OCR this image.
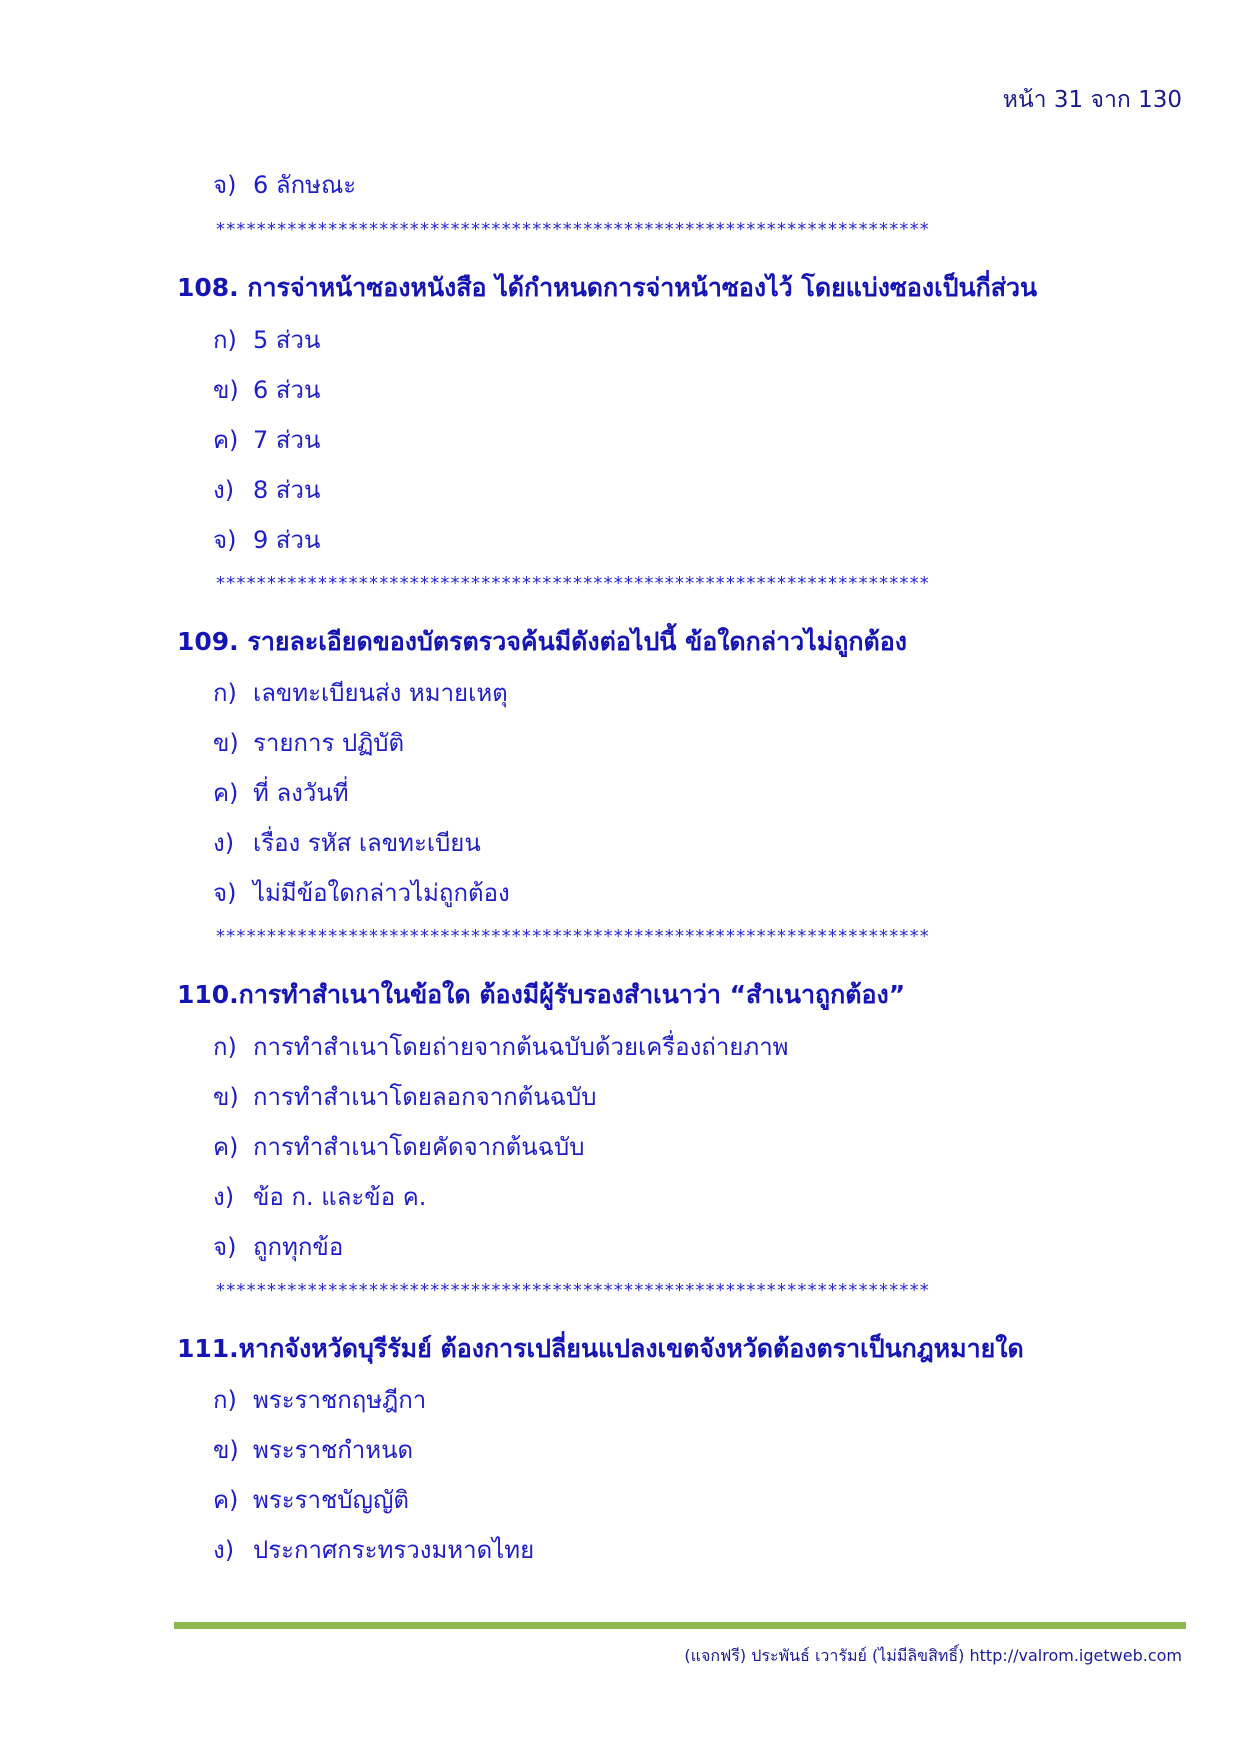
หน้า 31 จาก 130
จ) 6 ลักษณะ
**********************************************************************
108. การจ่าหน้าซองหนังสือ ได้กำหนดการจ่าหน้าซองไว้ โดยแบ่งซองเป็นกี่ส่วน
ก) 5 ส่วน
ข) 6 ส่วน
ค) 7 ส่วน
ง) 8 ส่วน
จ) 9 ส่วน
**********************************************************************
109. รายละเอียดของบัตรตรวจค้นมีดังต่อไปนี้ ข้อใดกล่าวไม่ถูกต้อง
ก) เลขทะเบียนส่ง หมายเหตุ
ข) รายการ ปฏิบัติ
ค) ที่ ลงวันที่
ง) เรื่อง รหัส เลขทะเบียน
จ) ไม่มีข้อใดกล่าวไม่ถูกต้อง
**********************************************************************
110.การทำสำเนาในข้อใด ต้องมีผู้รับรองสำเนาว่า “สำเนาถูกต้อง”
ก) การทำสำเนาโดยถ่ายจากต้นฉบับด้วยเครื่องถ่ายภาพ
ข) การทำสำเนาโดยลอกจากต้นฉบับ
ค) การทำสำเนาโดยคัดจากต้นฉบับ
ง) ข้อ ก. และข้อ ค.
จ) ถูกทุกข้อ
**********************************************************************
111.หากจังหวัดบุรีรัมย์ ต้องการเปลี่ยนแปลงเขตจังหวัดต้องตราเป็นกฎหมายใด
ก) พระราชกฤษฎีกา
ข) พระราชกำหนด
ค) พระราชบัญญัติ
ง) ประกาศกระทรวงมหาดไทย
(แจกฟรี) ประพันธ์ เวารัมย์ (ไม่มีลิขสิทธิ์) http://valrom.igetweb.com
